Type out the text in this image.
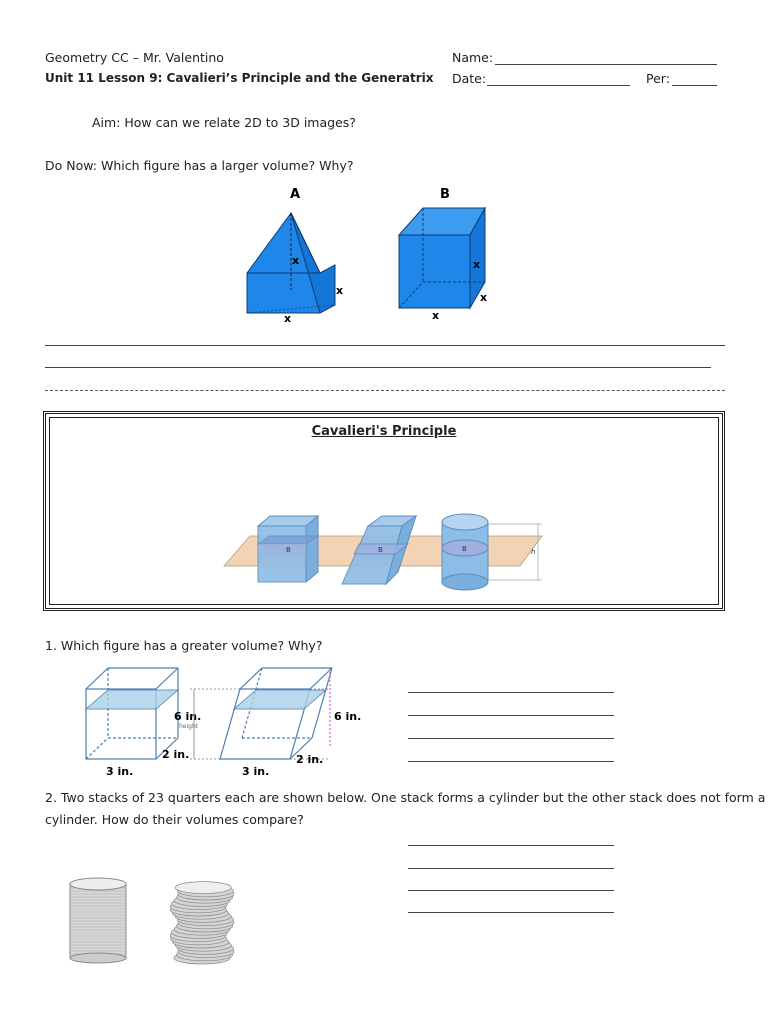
Geometry CC – Mr. Valentino
Unit 11 Lesson 9: Cavalieri’s Principle and the Generatrix
Name:
Date:	Per:
Aim: How can we relate 2D to 3D images?
Do Now: Which figure has a larger volume? Why?
A
x
x
x
B
x
x
x
Cavalieri's Principle
B	B	B	h
1. Which figure has a greater volume? Why?
6 in.
height
2 in.
3 in.
6 in.
2 in.
3 in.
2. Two stacks of 23 quarters each are shown below. One stack forms a cylinder but the other stack does not form a
cylinder. How do their volumes compare?
